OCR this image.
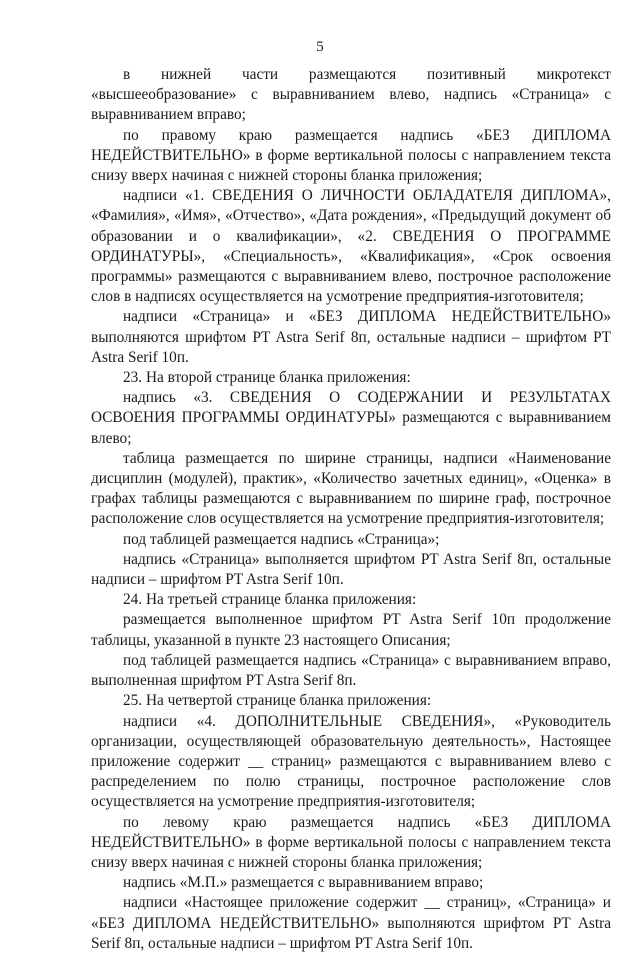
5

в нижней части размещаются позитивный микротекст «высшееобразование» с выравниванием влево, надпись «Страница» с выравниванием вправо;

по правому краю размещается надпись «БЕЗ ДИПЛОМА НЕДЕЙСТВИТЕЛЬНО» в форме вертикальной полосы с направлением текста снизу вверх начиная с нижней стороны бланка приложения;

надписи «1. СВЕДЕНИЯ О ЛИЧНОСТИ ОБЛАДАТЕЛЯ ДИПЛОМА», «Фамилия», «Имя», «Отчество», «Дата рождения», «Предыдущий документ об образовании и о квалификации», «2. СВЕДЕНИЯ О ПРОГРАММЕ ОРДИНАТУРЫ», «Специальность», «Квалификация», «Срок освоения программы» размещаются с выравниванием влево, построчное расположение слов в надписях осуществляется на усмотрение предприятия-изготовителя;

надписи «Страница» и «БЕЗ ДИПЛОМА НЕДЕЙСТВИТЕЛЬНО» выполняются шрифтом PT Astra Serif 8п, остальные надписи – шрифтом PT Astra Serif 10п.

23. На второй странице бланка приложения:

надпись «3. СВЕДЕНИЯ О СОДЕРЖАНИИ И РЕЗУЛЬТАТАХ ОСВОЕНИЯ ПРОГРАММЫ ОРДИНАТУРЫ» размещаются с выравниванием влево;

таблица размещается по ширине страницы, надписи «Наименование дисциплин (модулей), практик», «Количество зачетных единиц», «Оценка» в графах таблицы размещаются с выравниванием по ширине граф, построчное расположение слов осуществляется на усмотрение предприятия-изготовителя;

под таблицей размещается надпись «Страница»;

надпись «Страница» выполняется шрифтом PT Astra Serif 8п, остальные надписи – шрифтом PT Astra Serif 10п.

24. На третьей странице бланка приложения:

размещается выполненное шрифтом PT Astra Serif 10п продолжение таблицы, указанной в пункте 23 настоящего Описания;

под таблицей размещается надпись «Страница» с выравниванием вправо, выполненная шрифтом PT Astra Serif 8п.

25. На четвертой странице бланка приложения:

надписи «4. ДОПОЛНИТЕЛЬНЫЕ СВЕДЕНИЯ», «Руководитель организации, осуществляющей образовательную деятельность», Настоящее приложение содержит __ страниц» размещаются с выравниванием влево с распределением по полю страницы, построчное расположение слов осуществляется на усмотрение предприятия-изготовителя;

по левому краю размещается надпись «БЕЗ ДИПЛОМА НЕДЕЙСТВИТЕЛЬНО» в форме вертикальной полосы с направлением текста снизу вверх начиная с нижней стороны бланка приложения;

надпись «М.П.» размещается с выравниванием вправо;

надписи «Настоящее приложение содержит __ страниц», «Страница» и «БЕЗ ДИПЛОМА НЕДЕЙСТВИТЕЛЬНО» выполняются шрифтом PT Astra Serif 8п, остальные надписи – шрифтом PT Astra Serif 10п.
